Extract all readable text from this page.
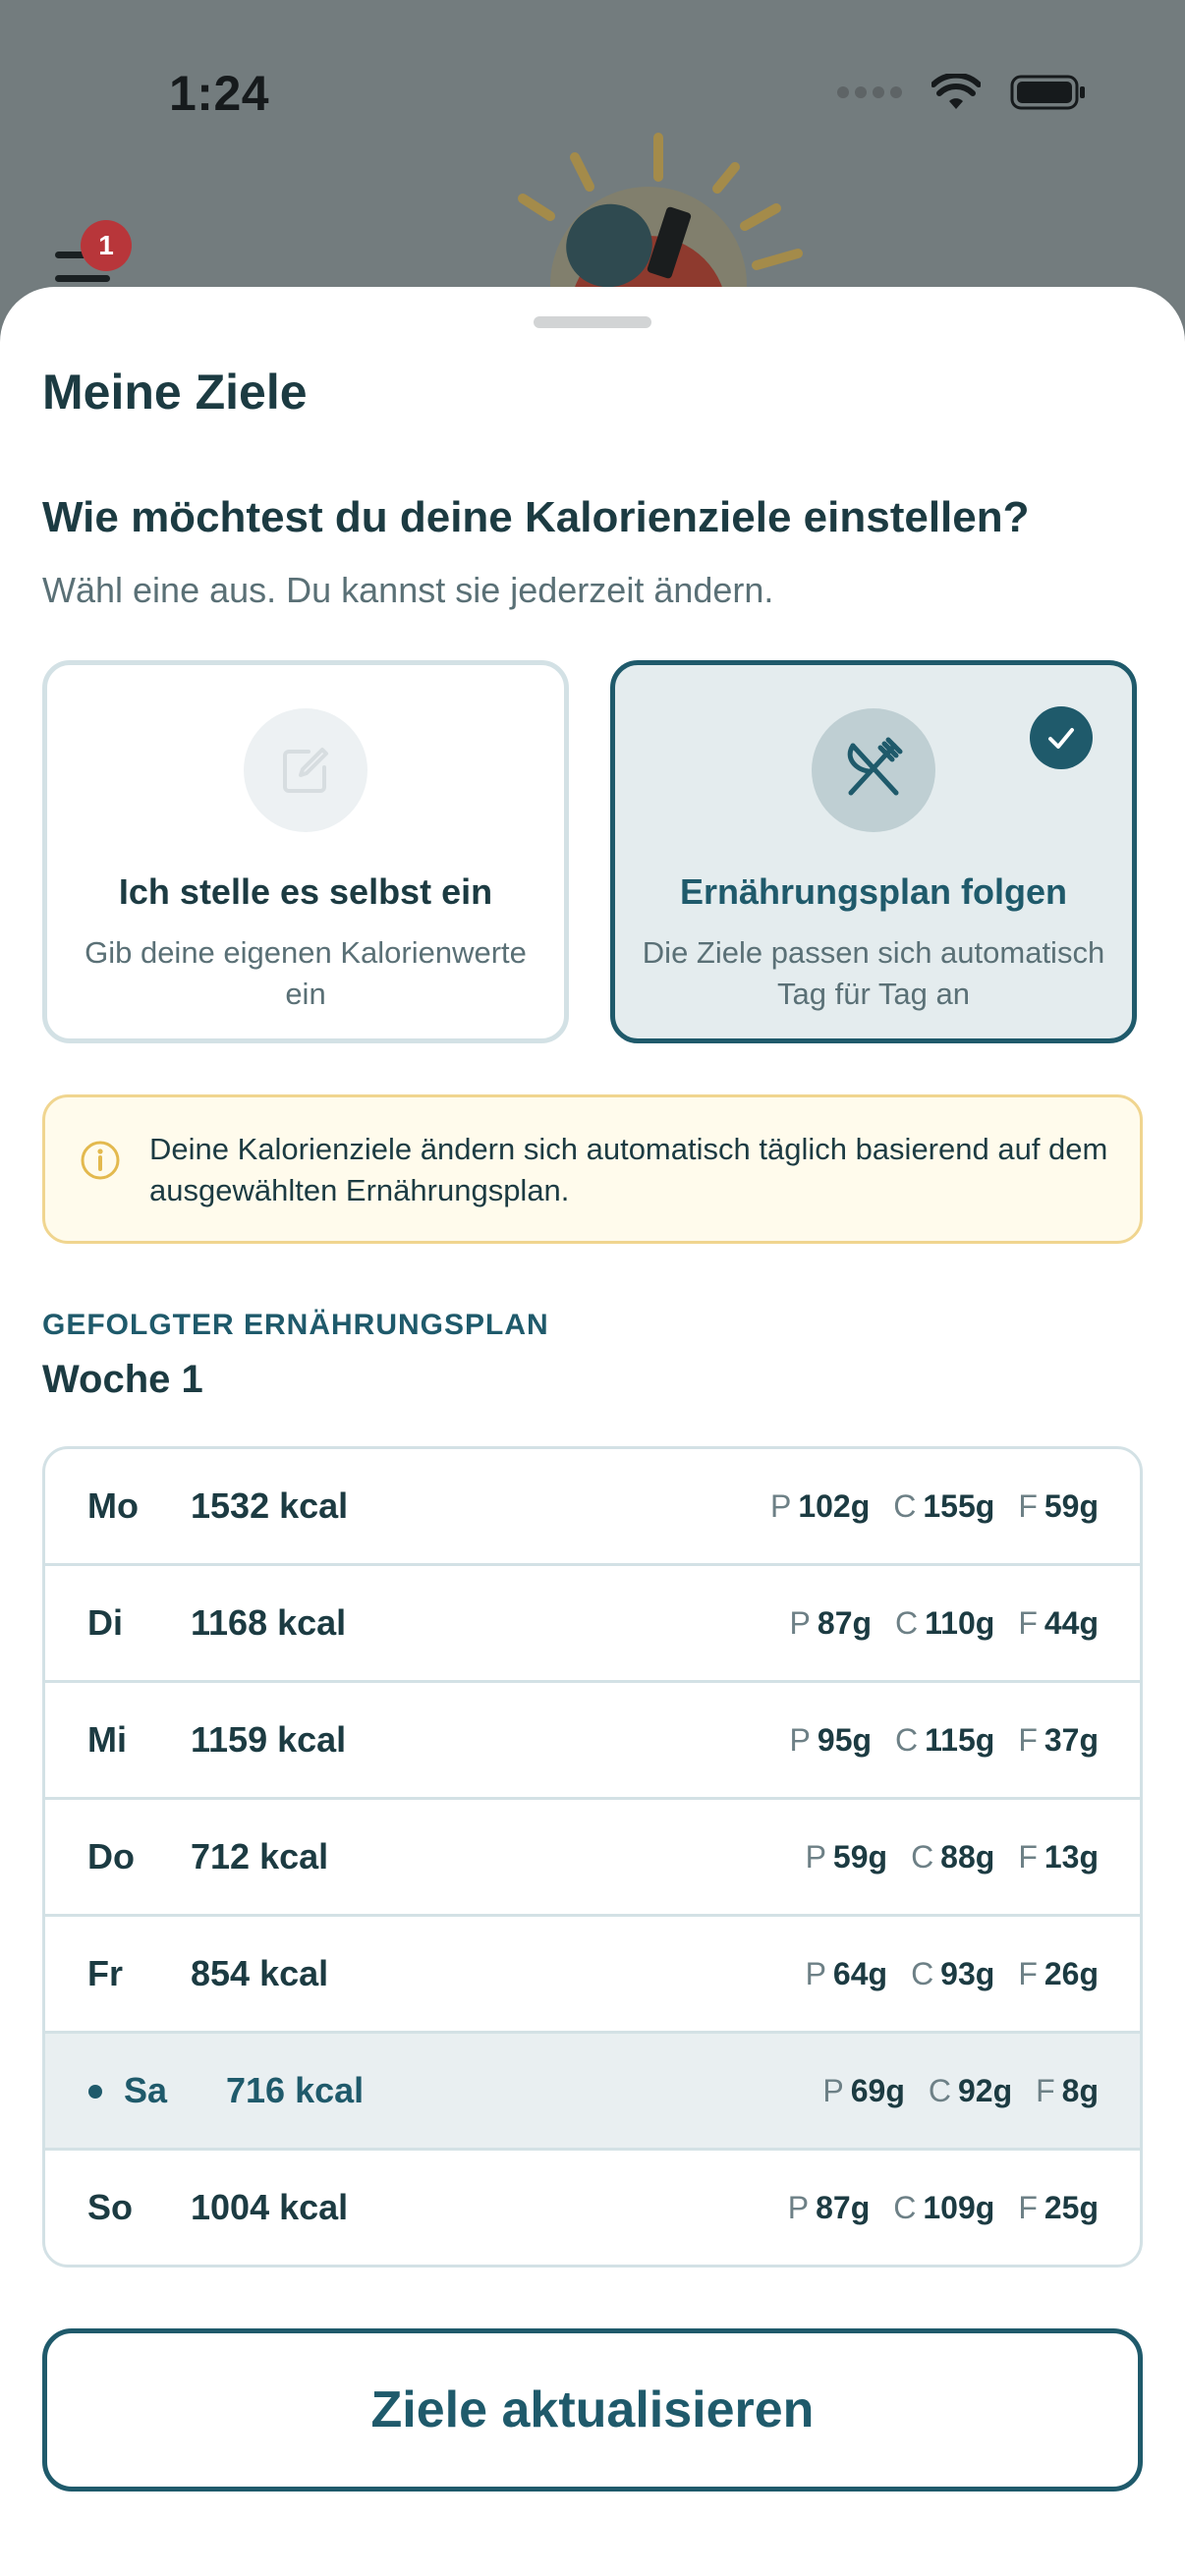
1:24
1
Meine Ziele
Wie möchtest du deine Kalorienziele einstellen?

Wähl eine aus. Du kannst sie jederzeit ändern.

Ich stelle es selbst ein
Gib deine eigenen Kalorienwerte ein
Ernährungsplan folgen
Die Ziele passen sich automatisch Tag für Tag an
Deine Kalorienziele ändern sich automatisch täglich basierend auf dem ausgewählten Ernährungsplan.
GEFOLGTER ERNÄHRUNGSPLAN
Woche 1
Mo 1532 kcal	P 102g C 155g F 59g
Di 1168 kcal	P 87g C 110g F 44g
Mi 1159 kcal	P 95g C 115g F 37g
Do 712 kcal	P 59g C 88g F 13g
Fr 854 kcal	P 64g C 93g F 26g
Sa 716 kcal	P 69g C 92g F 8g
So 1004 kcal	P 87g C 109g F 25g
Ziele aktualisieren
